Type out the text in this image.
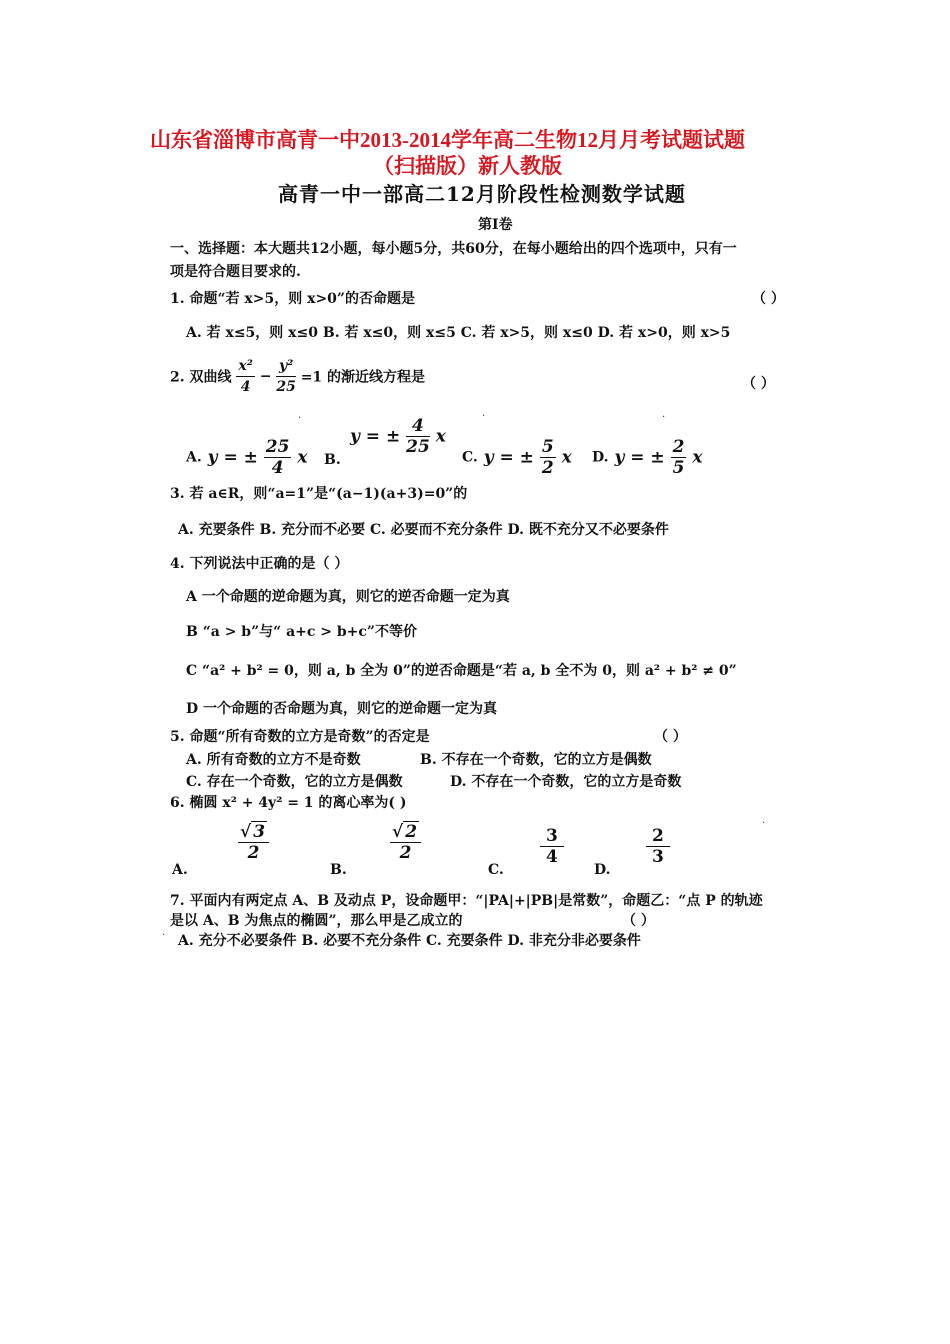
山东省淄博市高青一中2013-2014学年高二生物12月月考试题试题
（扫描版）新人教版
高青一中一部高二12月阶段性检测数学试题
第I卷
一、选择题：本大题共12小题，每小题5分，共60分，在每小题给出的四个选项中，只有一
项是符合题目要求的.
1. 命题“若 x>5，则 x>0”的否命题是	（ ）
A. 若 x≤5，则 x≤0 B. 若 x≤0，则 x≤5 C. 若 x>5，则 x≤0 D. 若 x>0，则 x>5
2. 双曲线 $\frac{\text{x²}}{4} - \frac{\text{y²}}{25} =1$ 的渐近线方程是	（ ）
y = ± $\frac{4}{25}$ x
A. y = ± $\frac{25}{4}$ x B.	C. y = ± $\frac{5}{2}$ x D. y = ± $\frac{2}{5}$ x
·	·	·
3. 若 a∈R，则“a=1”是“(a−1)(a+3)=0”的
A. 充要条件 B. 充分而不必要 C. 必要而不充分条件 D. 既不充分又不必要条件
4. 下列说法中正确的是（ ）
A 一个命题的逆命题为真，则它的逆否命题一定为真
B “a > b”与“ a+c > b+c”不等价
C “a² + b² = 0，则 a, b 全为 0”的逆否命题是“若 a, b 全不为 0，则 a² + b² ≠ 0”
D 一个命题的否命题为真，则它的逆命题一定为真
5. 命题“所有奇数的立方是奇数”的否定是	（ ）
A. 所有奇数的立方不是奇数	B. 不存在一个奇数，它的立方是偶数
C. 存在一个奇数，它的立方是偶数	D. 不存在一个奇数，它的立方是奇数
6. 椭圆 x² + 4y² = 1 的离心率为( )
A.
$\frac{√ 3}{2}$
B.
$\frac{√ 2}{2}$
C.
$\frac{3}{4}$
D.
$\frac{2}{3}$
·
7. 平面内有两定点 A、B 及动点 P，设命题甲：“|PA|+|PB|是常数”，命题乙：“点 P 的轨迹
是以 A、B 为焦点的椭圆”，那么甲是乙成立的	（ ）
· A. 充分不必要条件 B. 必要不充分条件 C. 充要条件 D. 非充分非必要条件
